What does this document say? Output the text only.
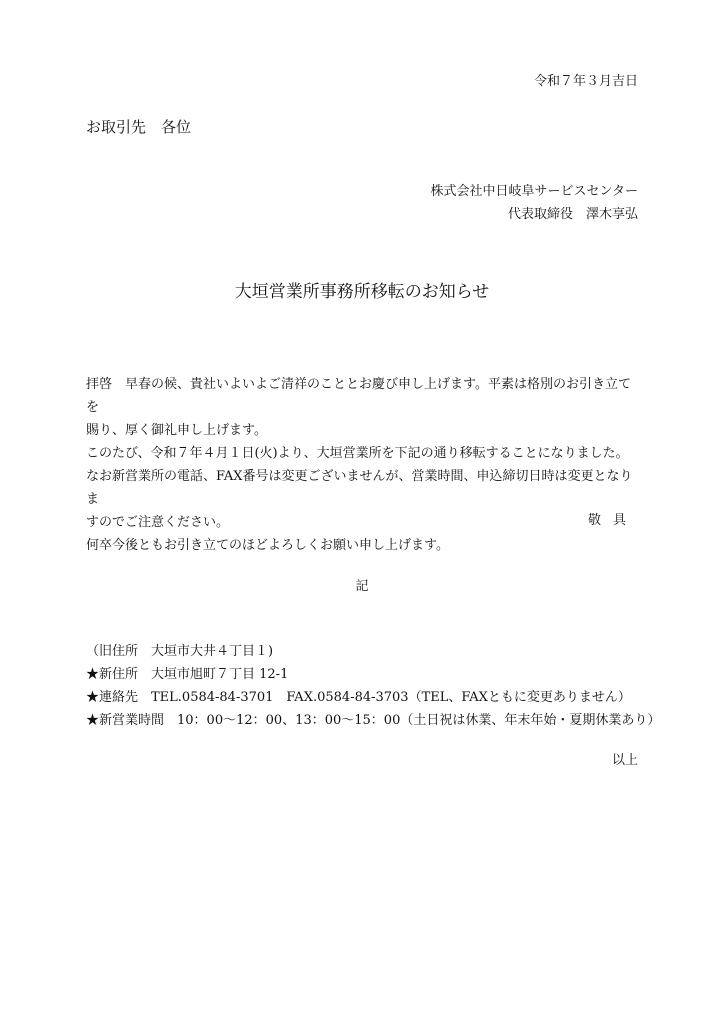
令和７年３月吉日
お取引先　各位
株式会社中日岐阜サービスセンター
代表取締役　澤木享弘
大垣営業所事務所移転のお知らせ

拝啓　早春の候、貴社いよいよご清祥のこととお慶び申し上げます。平素は格別のお引き立てを

賜り、厚く御礼申し上げます。

このたび、令和７年４月１日(火)より、大垣営業所を下記の通り移転することになりました。

なお新営業所の電話、FAX番号は変更ございませんが、営業時間、申込締切日時は変更となりま

すのでご注意ください。

何卒今後ともお引き立てのほどよろしくお願い申し上げます。

敬具
記
（旧住所　大垣市大井４丁目１)
★新住所　大垣市旭町７丁目 12-1
★連絡先　TEL.0584-84-3701　FAX.0584-84-3703（TEL、FAXともに変更ありません）
★新営業時間　10：00～12：00、13：00～15：00（土日祝は休業、年末年始・夏期休業あり）
以上
